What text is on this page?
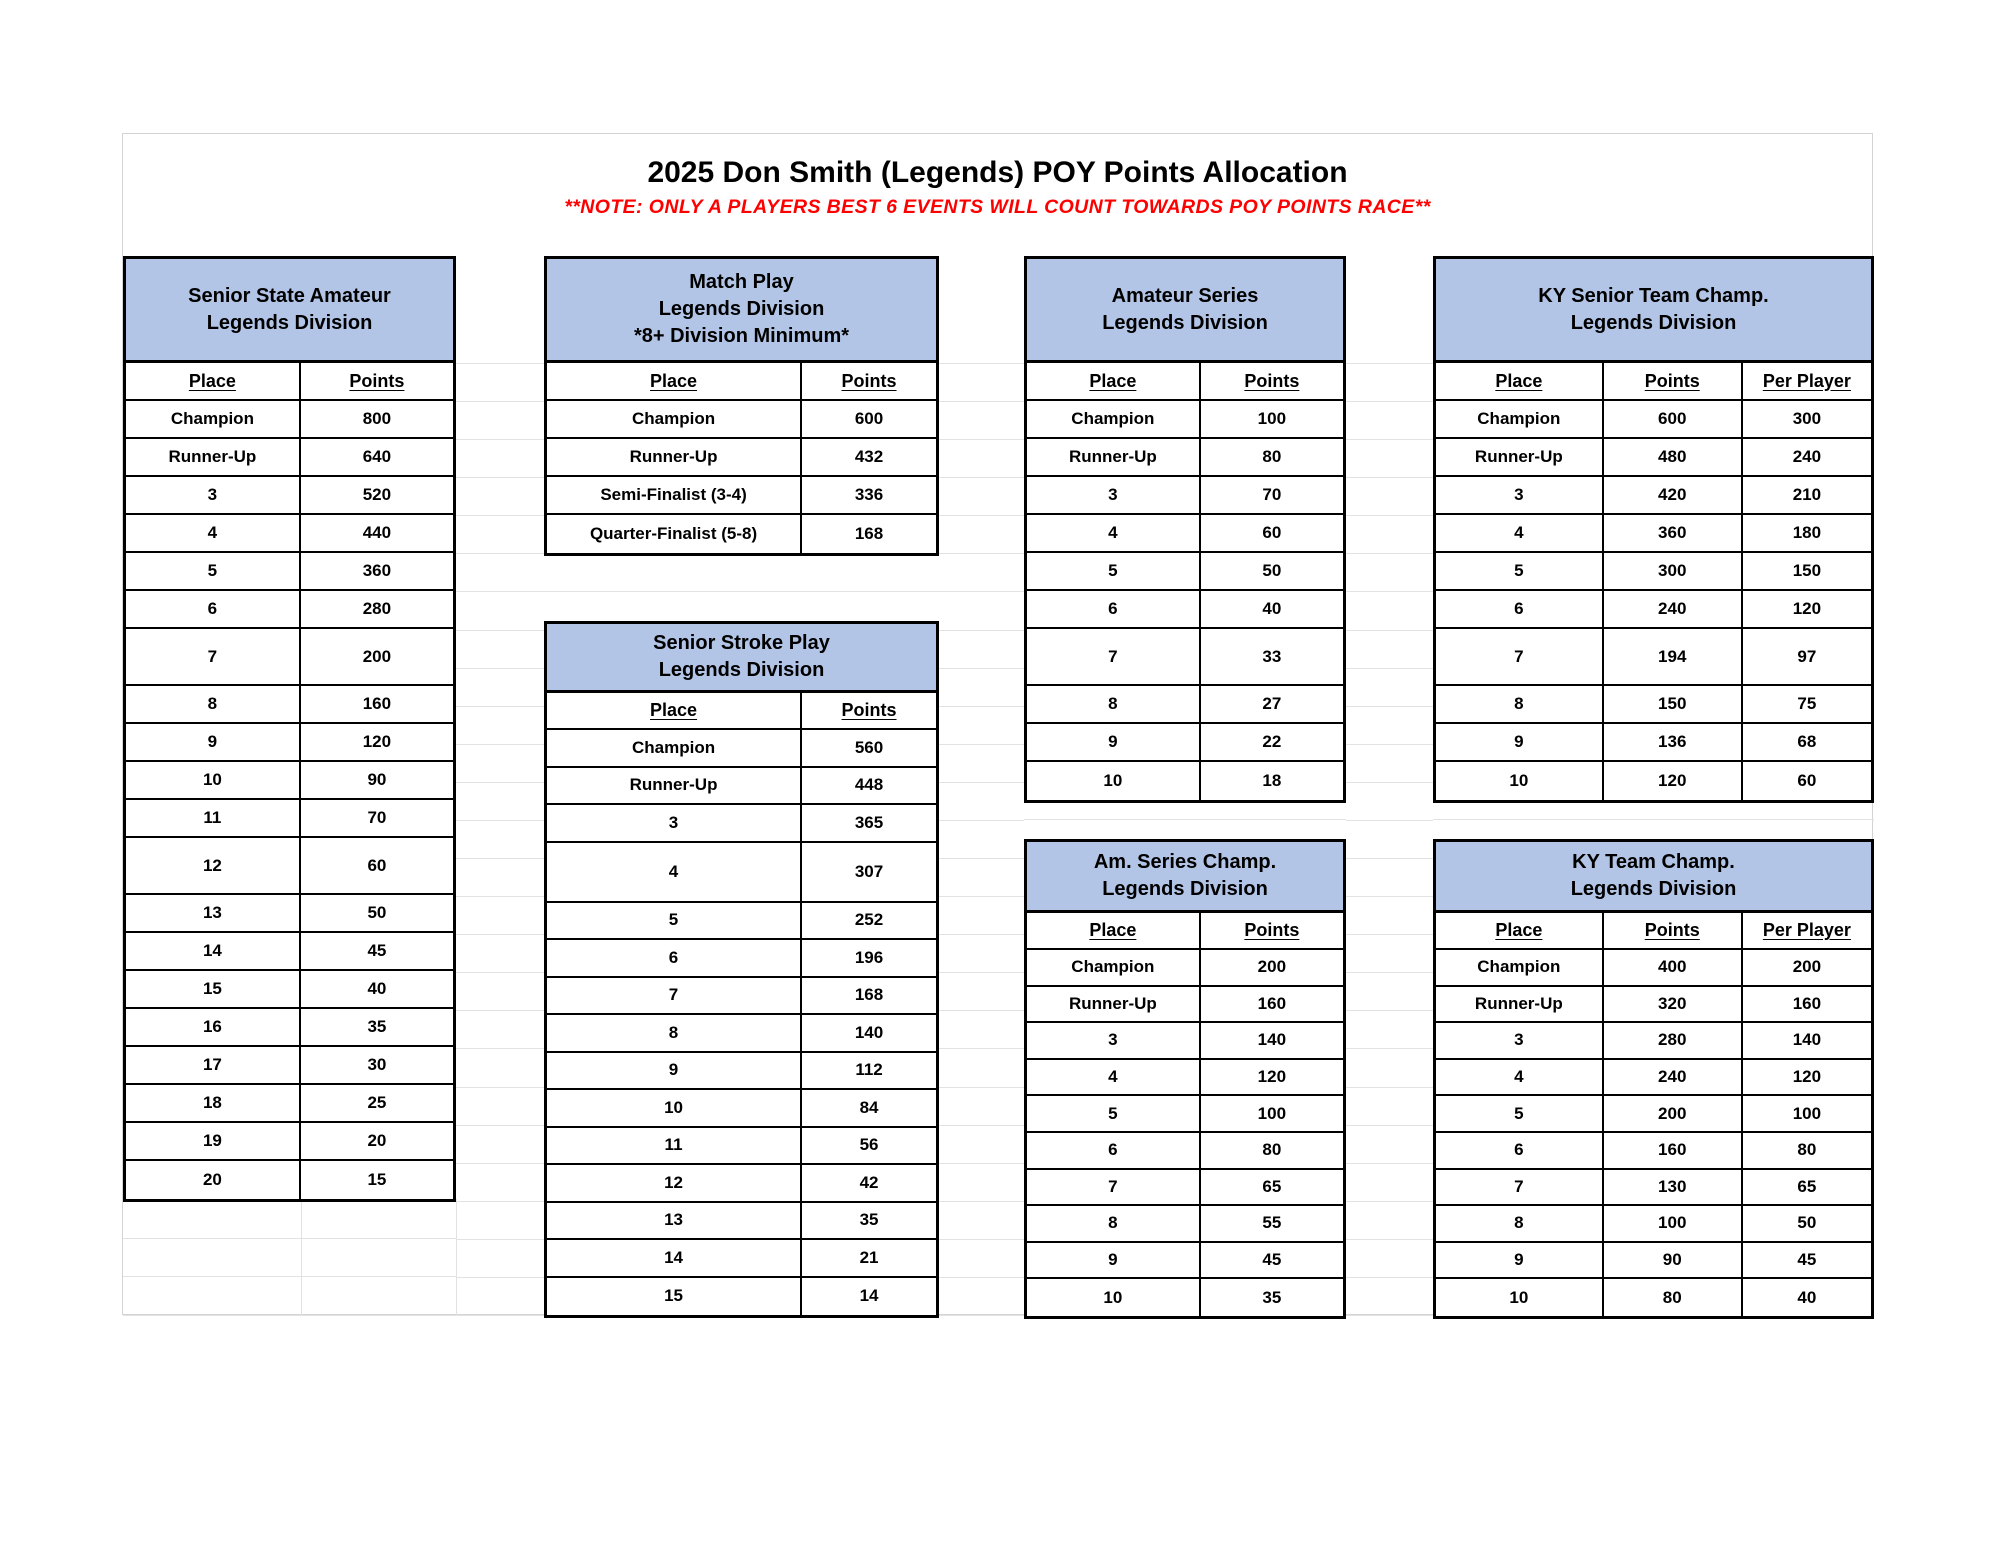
2025 Don Smith (Legends) POY Points Allocation
**NOTE: ONLY A PLAYERS BEST 6 EVENTS WILL COUNT TOWARDS POY POINTS RACE**
Senior State Amateur
Legends Division
Place	Points
Champion	800
Runner-Up	640
3	520
4	440
5	360
6	280
7	200
8	160
9	120
10	90
11	70
12	60
13	50
14	45
15	40
16	35
17	30
18	25
19	20
20	15
Match Play
Legends Division
*8+ Division Minimum*
Place	Points
Champion	600
Runner-Up	432
Semi-Finalist (3-4)	336
Quarter-Finalist (5-8)	168
Senior Stroke Play
Legends Division
Place	Points
Champion	560
Runner-Up	448
3	365
4	307
5	252
6	196
7	168
8	140
9	112
10	84
11	56
12	42
13	35
14	21
15	14
Amateur Series
Legends Division
Place	Points
Champion	100
Runner-Up	80
3	70
4	60
5	50
6	40
7	33
8	27
9	22
10	18
Am. Series Champ.
Legends Division
Place	Points
Champion	200
Runner-Up	160
3	140
4	120
5	100
6	80
7	65
8	55
9	45
10	35
KY Senior Team Champ.
Legends Division
Place	Points	Per Player
Champion	600	300
Runner-Up	480	240
3	420	210
4	360	180
5	300	150
6	240	120
7	194	97
8	150	75
9	136	68
10	120	60
KY Team Champ.
Legends Division
Place	Points	Per Player
Champion	400	200
Runner-Up	320	160
3	280	140
4	240	120
5	200	100
6	160	80
7	130	65
8	100	50
9	90	45
10	80	40
